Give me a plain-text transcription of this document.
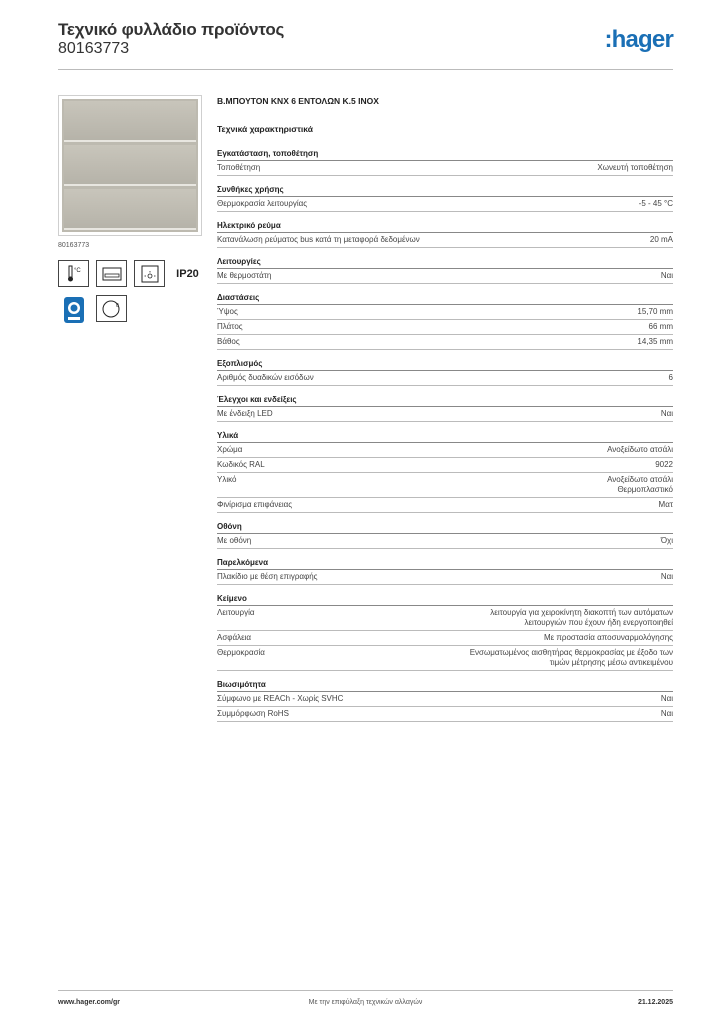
Τεχνικό φυλλάδιο προϊόντος
80163773	:hager
80163773
°C	IP20
0
Β.ΜΠΟΥΤΟΝ KNX 6 ΕΝΤΟΛΩΝ Κ.5 INOX
Τεχνικά χαρακτηριστικά
Εγκατάσταση, τοποθέτηση
Τοποθέτηση	Χωνευτή τοποθέτηση
Συνθήκες χρήσης
Θερμοκρασία λειτουργίας	-5 - 45 °C
Ηλεκτρικό ρεύμα
Κατανάλωση ρεύματος bus κατά τη μεταφορά δεδομένων	20 mA
Λειτουργίες
Με θερμοστάτη	Ναι
Διαστάσεις
Ύψος	15,70 mm
Πλάτος	66 mm
Βάθος	14,35 mm
Εξοπλισμός
Αριθμός δυαδικών εισόδων	6
Έλεγχοι και ενδείξεις
Με ένδειξη LED	Ναι
Υλικά
Χρώμα	Ανοξείδωτο ατσάλι
Κωδικός RAL	9022
Υλικό	Ανοξείδωτο ατσάλι
Θερμοπλαστικό
Φινίρισμα επιφάνειας	Ματ
Οθόνη
Με οθόνη	Όχι
Παρελκόμενα
Πλακίδιο με θέση επιγραφής	Ναι
Κείμενο
Λειτουργία	λειτουργία για χειροκίνητη διακοπτή των αυτόματων λειτουργιών που έχουν ήδη ενεργοποιηθεί
Ασφάλεια	Με προστασία αποσυναρμολόγησης
Θερμοκρασία	Ενσωματωμένος αισθητήρας θερμοκρασίας με έξοδο των τιμών μέτρησης μέσω αντικειμένου
Βιωσιμότητα
Σύμφωνο με REACh - Χωρίς SVHC	Ναι
Συμμόρφωση RoHS	Ναι
www.hager.com/gr	Με την επιφύλαξη τεχνικών αλλαγών	21.12.2025
